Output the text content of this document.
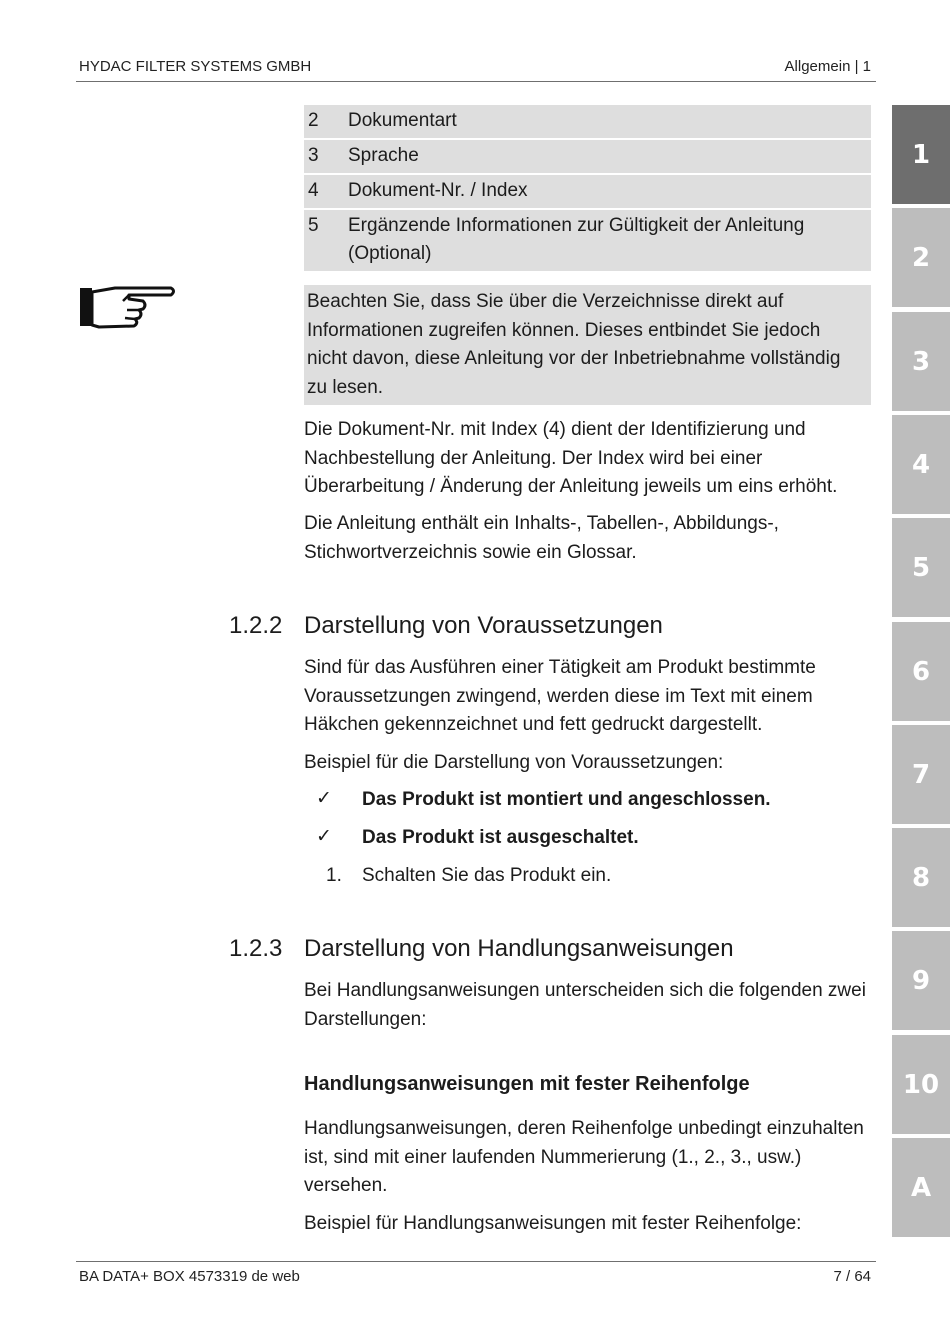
HYDAC FILTER SYSTEMS GMBH	Allgemein | 1
2 Dokumentart
3 Sprache
4 Dokument-Nr. / Index
5 Ergänzende Informationen zur Gültigkeit der Anleitung (Optional)
Beachten Sie, dass Sie über die Verzeichnisse direkt auf Informationen zugreifen können. Dieses entbindet Sie jedoch nicht davon, diese Anleitung vor der Inbetriebnahme vollständig zu lesen.
Die Dokument-Nr. mit Index (4) dient der Identifizierung und Nachbestellung der Anleitung. Der Index wird bei einer Überarbeitung / Änderung der Anleitung jeweils um eins erhöht.
Die Anleitung enthält ein Inhalts-, Tabellen-, Abbildungs-, Stichwortverzeichnis sowie ein Glossar.
1.2.2 Darstellung von Voraussetzungen
Sind für das Ausführen einer Tätigkeit am Produkt bestimmte Voraussetzungen zwingend, werden diese im Text mit einem Häkchen gekennzeichnet und fett gedruckt dargestellt.
Beispiel für die Darstellung von Voraussetzungen:
✓ Das Produkt ist montiert und angeschlossen.
✓ Das Produkt ist ausgeschaltet.
1. Schalten Sie das Produkt ein.
1.2.3 Darstellung von Handlungsanweisungen
Bei Handlungsanweisungen unterscheiden sich die folgenden zwei Darstellungen:
Handlungsanweisungen mit fester Reihenfolge
Handlungsanweisungen, deren Reihenfolge unbedingt einzuhalten ist, sind mit einer laufenden Nummerierung (1., 2., 3., usw.) versehen.
Beispiel für Handlungsanweisungen mit fester Reihenfolge:
1
2
3
4
5
6
7
8
9
10
A
BA DATA+ BOX 4573319 de web	7 / 64
